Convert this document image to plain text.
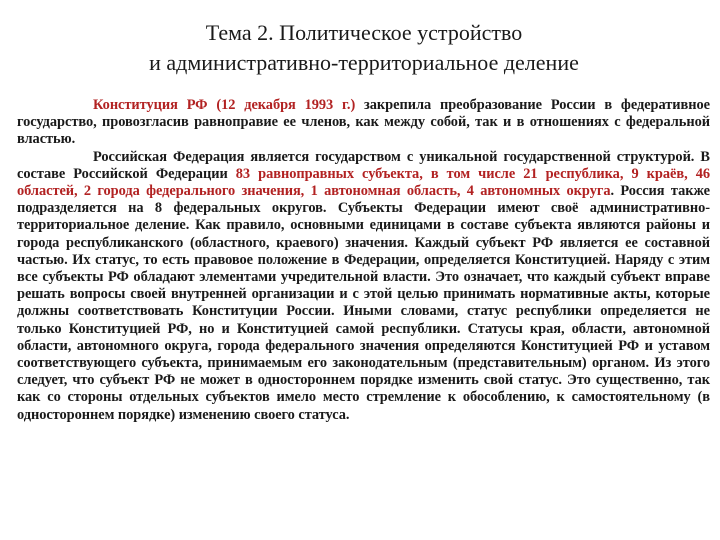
Тема 2. Политическое устройство
и административно-территориальное деление

Конституция РФ (12 декабря 1993 г.) закрепила преобразование России в федеративное государство, провозгласив равноправие ее членов, как между собой, так и в отношениях с федеральной властью.

Российская Федерация является государством с уникальной государственной структурой. В составе Российской Федерации 83 равноправных субъекта, в том числе 21 республика, 9 краёв, 46 областей, 2 города федерального значения, 1 автономная область, 4 автономных округа. Россия также подразделяется на 8 федеральных округов. Субъекты Федерации имеют своё административно-территориальное деление. Как правило, основными единицами в составе субъекта являются районы и города республиканского (областного, краевого) значения. Каждый субъект РФ является ее составной частью. Их статус, то есть правовое положение в Федерации, определяется Конституцией. Наряду с этим все субъекты РФ обладают элементами учредительной власти. Это означает, что каждый субъект вправе решать вопросы своей внутренней организации и с этой целью принимать нормативные акты, которые должны соответствовать Конституции России. Иными словами, статус республики определяется не только Конституцией РФ, но и Конституцией самой республики. Статусы края, области, автономной области, автономного округа, города федерального значения определяются Конституцией РФ и уставом соответствующего субъекта, принимаемым его законодательным (представительным) органом. Из этого следует, что субъект РФ не может в одностороннем порядке изменить свой статус. Это существенно, так как со стороны отдельных субъектов имело место стремление к обособлению, к самостоятельному (в одностороннем порядке) изменению своего статуса.
